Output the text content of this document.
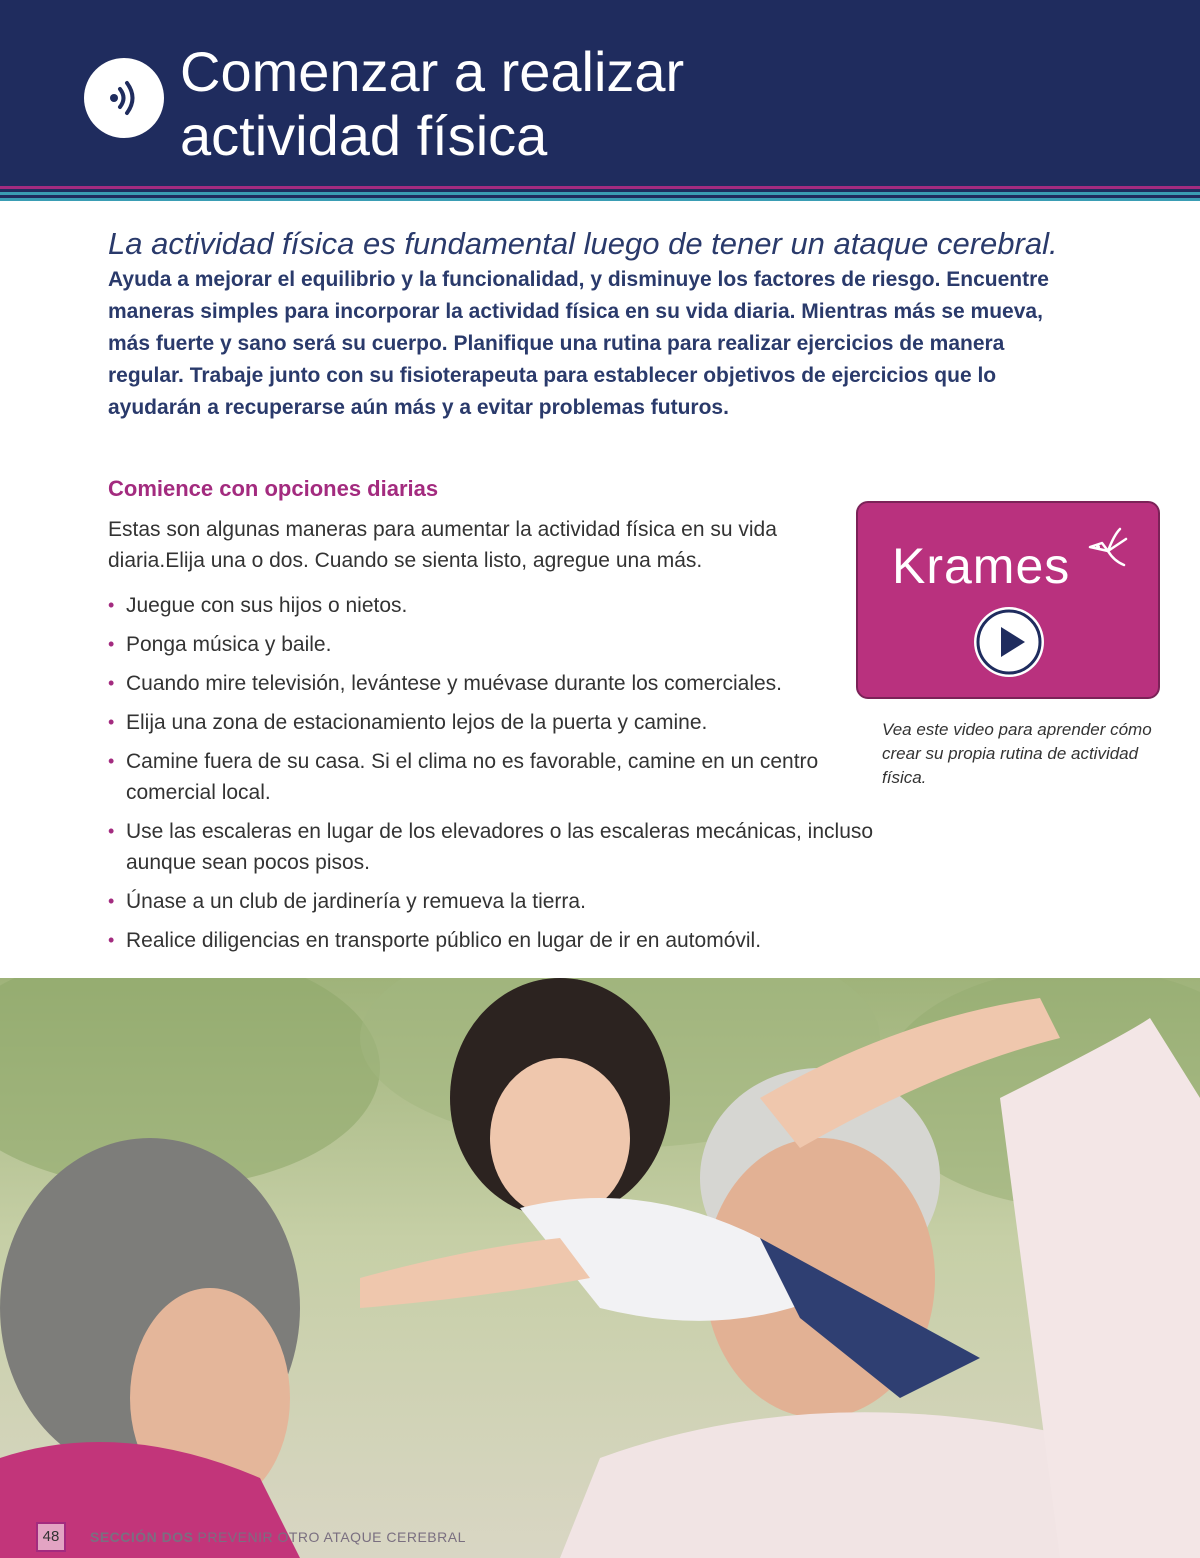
Comenzar a realizar
actividad física

La actividad física es fundamental luego de tener un ataque cerebral. Ayuda a mejorar el equilibrio y la funcionalidad, y disminuye los factores de riesgo. Encuentre maneras simples para incorporar la actividad física en su vida diaria. Mientras más se mueva, más fuerte y sano será su cuerpo. Planifique una rutina para realizar ejercicios de manera regular. Trabaje junto con su fisioterapeuta para establecer objetivos de ejercicios que lo ayudarán a recuperarse aún más y a evitar problemas futuros.

Comience con opciones diarias

Estas son algunas maneras para aumentar la actividad física en su vida diaria.Elija una o dos. Cuando se sienta listo, agregue una más.

• Juegue con sus hijos o nietos.
• Ponga música y baile.
• Cuando mire televisión, levántese y muévase durante los comerciales.
• Elija una zona de estacionamiento lejos de la puerta y camine.
• Camine fuera de su casa. Si el clima no es favorable, camine en un centro comercial local.
• Use las escaleras en lugar de los elevadores o las escaleras mecánicas, incluso aunque sean pocos pisos.
• Únase a un club de jardinería y remueva la tierra.
• Realice diligencias en transporte público en lugar de ir en automóvil.
Krames

Vea este video para aprender cómo crear su propia rutina de actividad física.

48	SECCIÓN DOS PREVENIR OTRO ATAQUE CEREBRAL
